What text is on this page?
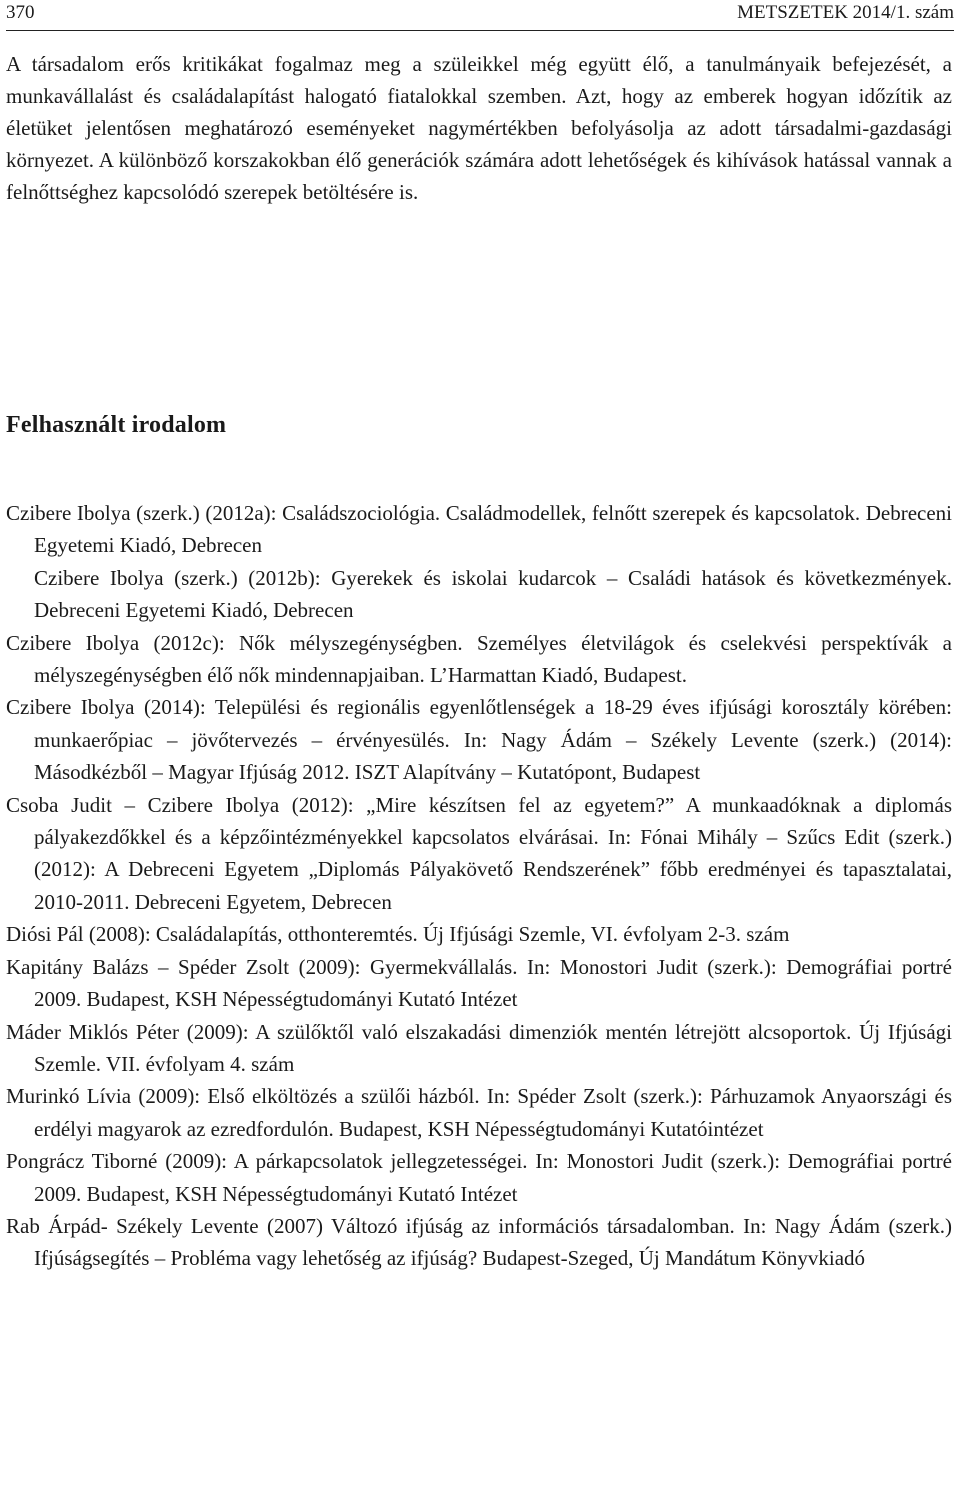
370	METSZETEK 2014/1. szám

A társadalom erős kritikákat fogalmaz meg a szüleikkel még együtt élő, a tanulmányaik befejezését, a munkavállalást és családalapítást halogató fiatalokkal szemben. Azt, hogy az emberek hogyan időzítik az életüket jelentősen meghatározó eseményeket nagymértékben befolyásolja az adott társadalmi-gazdasági környezet. A különböző korszakokban élő generációk számára adott lehetőségek és kihívások hatással vannak a felnőttséghez kapcsolódó szerepek betöltésére is.

Felhasznált irodalom
Czibere Ibolya (szerk.) (2012a): Családszociológia. Családmodellek, felnőtt szerepek és kapcsolatok. Debreceni Egyetemi Kiadó, Debrecen
Czibere Ibolya (szerk.) (2012b): Gyerekek és iskolai kudarcok – Családi hatások és következmények. Debreceni Egyetemi Kiadó, Debrecen
Czibere Ibolya (2012c): Nők mélyszegénységben. Személyes életvilágok és cselekvési perspektívák a mélyszegénységben élő nők mindennapjaiban. L’Harmattan Kiadó, Budapest.
Czibere Ibolya (2014): Települési és regionális egyenlőtlenségek a 18-29 éves ifjúsági korosztály körében: munkaerőpiac – jövőtervezés – érvényesülés. In: Nagy Ádám – Székely Levente (szerk.) (2014): Másodkézből – Magyar Ifjúság 2012. ISZT Alapítvány – Kutatópont, Budapest
Csoba Judit – Czibere Ibolya (2012): „Mire készítsen fel az egyetem?” A munkaadóknak a diplomás pályakezdőkkel és a képzőintézményekkel kapcsolatos elvárásai. In: Fónai Mihály – Szűcs Edit (szerk.) (2012): A Debreceni Egyetem „Diplomás Pályakövető Rendszerének” főbb eredményei és tapasztalatai, 2010-2011. Debreceni Egyetem, Debrecen
Diósi Pál (2008): Családalapítás, otthonteremtés. Új Ifjúsági Szemle, VI. évfolyam 2-3. szám
Kapitány Balázs – Spéder Zsolt (2009): Gyermekvállalás. In: Monostori Judit (szerk.): Demográfiai portré 2009. Budapest, KSH Népességtudományi Kutató Intézet
Máder Miklós Péter (2009): A szülőktől való elszakadási dimenziók mentén létrejött alcsoportok. Új Ifjúsági Szemle. VII. évfolyam 4. szám
Murinkó Lívia (2009): Első elköltözés a szülői házból. In: Spéder Zsolt (szerk.): Párhuzamok Anyaországi és erdélyi magyarok az ezredfordulón. Budapest, KSH Népességtudományi Kutatóintézet
Pongrácz Tiborné (2009): A párkapcsolatok jellegzetességei. In: Monostori Judit (szerk.): Demográfiai portré 2009. Budapest, KSH Népességtudományi Kutató Intézet
Rab Árpád- Székely Levente (2007) Változó ifjúság az információs társadalomban. In: Nagy Ádám (szerk.) Ifjúságsegítés – Probléma vagy lehetőség az ifjúság? Budapest-Szeged, Új Mandátum Könyvkiadó
